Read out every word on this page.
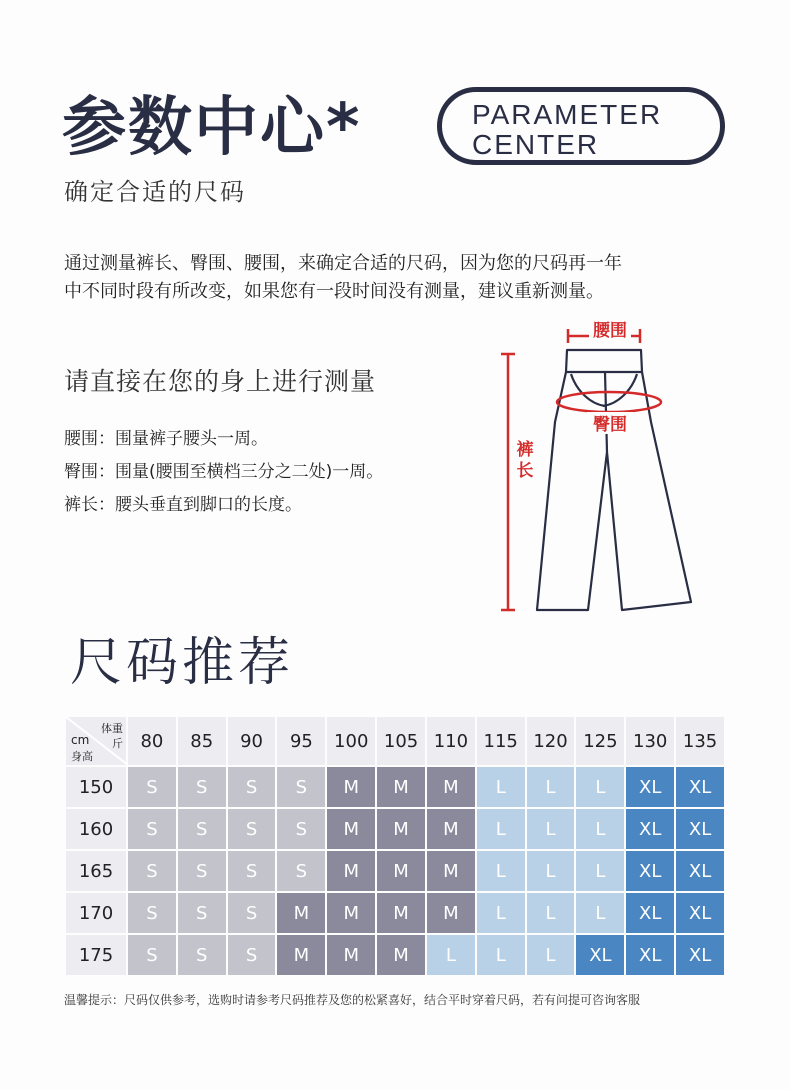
参数中心*
确定合适的尺码
PARAMETER
CENTER
通过测量裤长、臀围、腰围，来确定合适的尺码，因为您的尺码再一年
中不同时段有所改变，如果您有一段时间没有测量，建议重新测量。
请直接在您的身上进行测量
腰围：围量裤子腰头一周。
臀围：围量(腰围至横档三分之二处)一周。
裤长：腰头垂直到脚口的长度。
腰围
臀围
裤
长
尺码推荐
体重
斤
cm
身高	80	85	90	95	100	105	110	115	120	125	130	135
150	S	S	S	S	M	M	M	L	L	L	XL	XL
160	S	S	S	S	M	M	M	L	L	L	XL	XL
165	S	S	S	S	M	M	M	L	L	L	XL	XL
170	S	S	S	M	M	M	M	L	L	L	XL	XL
175	S	S	S	M	M	M	L	L	L	XL	XL	XL
温馨提示：尺码仅供参考，选购时请参考尺码推荐及您的松紧喜好，结合平时穿着尺码，若有问提可咨询客服
